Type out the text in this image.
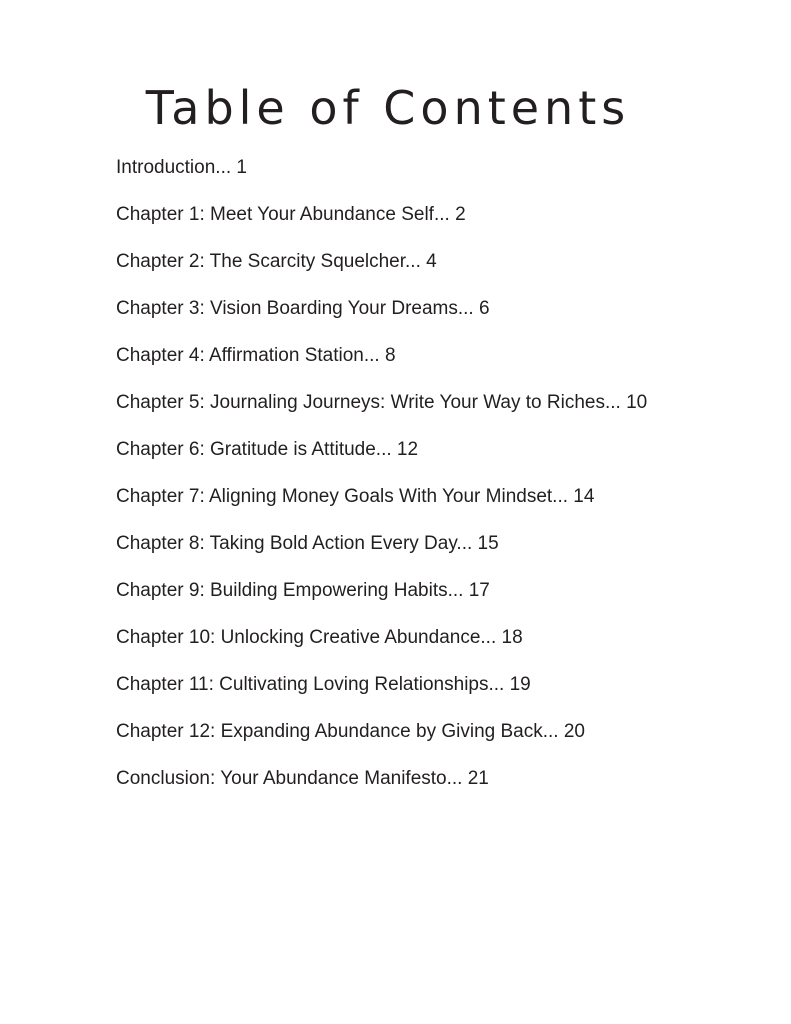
Table of Contents
Introduction... 1
Chapter 1: Meet Your Abundance Self... 2
Chapter 2: The Scarcity Squelcher... 4
Chapter 3: Vision Boarding Your Dreams... 6
Chapter 4: Affirmation Station... 8
Chapter 5: Journaling Journeys: Write Your Way to Riches... 10
Chapter 6: Gratitude is Attitude... 12
Chapter 7: Aligning Money Goals With Your Mindset... 14
Chapter 8: Taking Bold Action Every Day... 15
Chapter 9: Building Empowering Habits... 17
Chapter 10: Unlocking Creative Abundance... 18
Chapter 11: Cultivating Loving Relationships... 19
Chapter 12: Expanding Abundance by Giving Back... 20
Conclusion: Your Abundance Manifesto... 21
